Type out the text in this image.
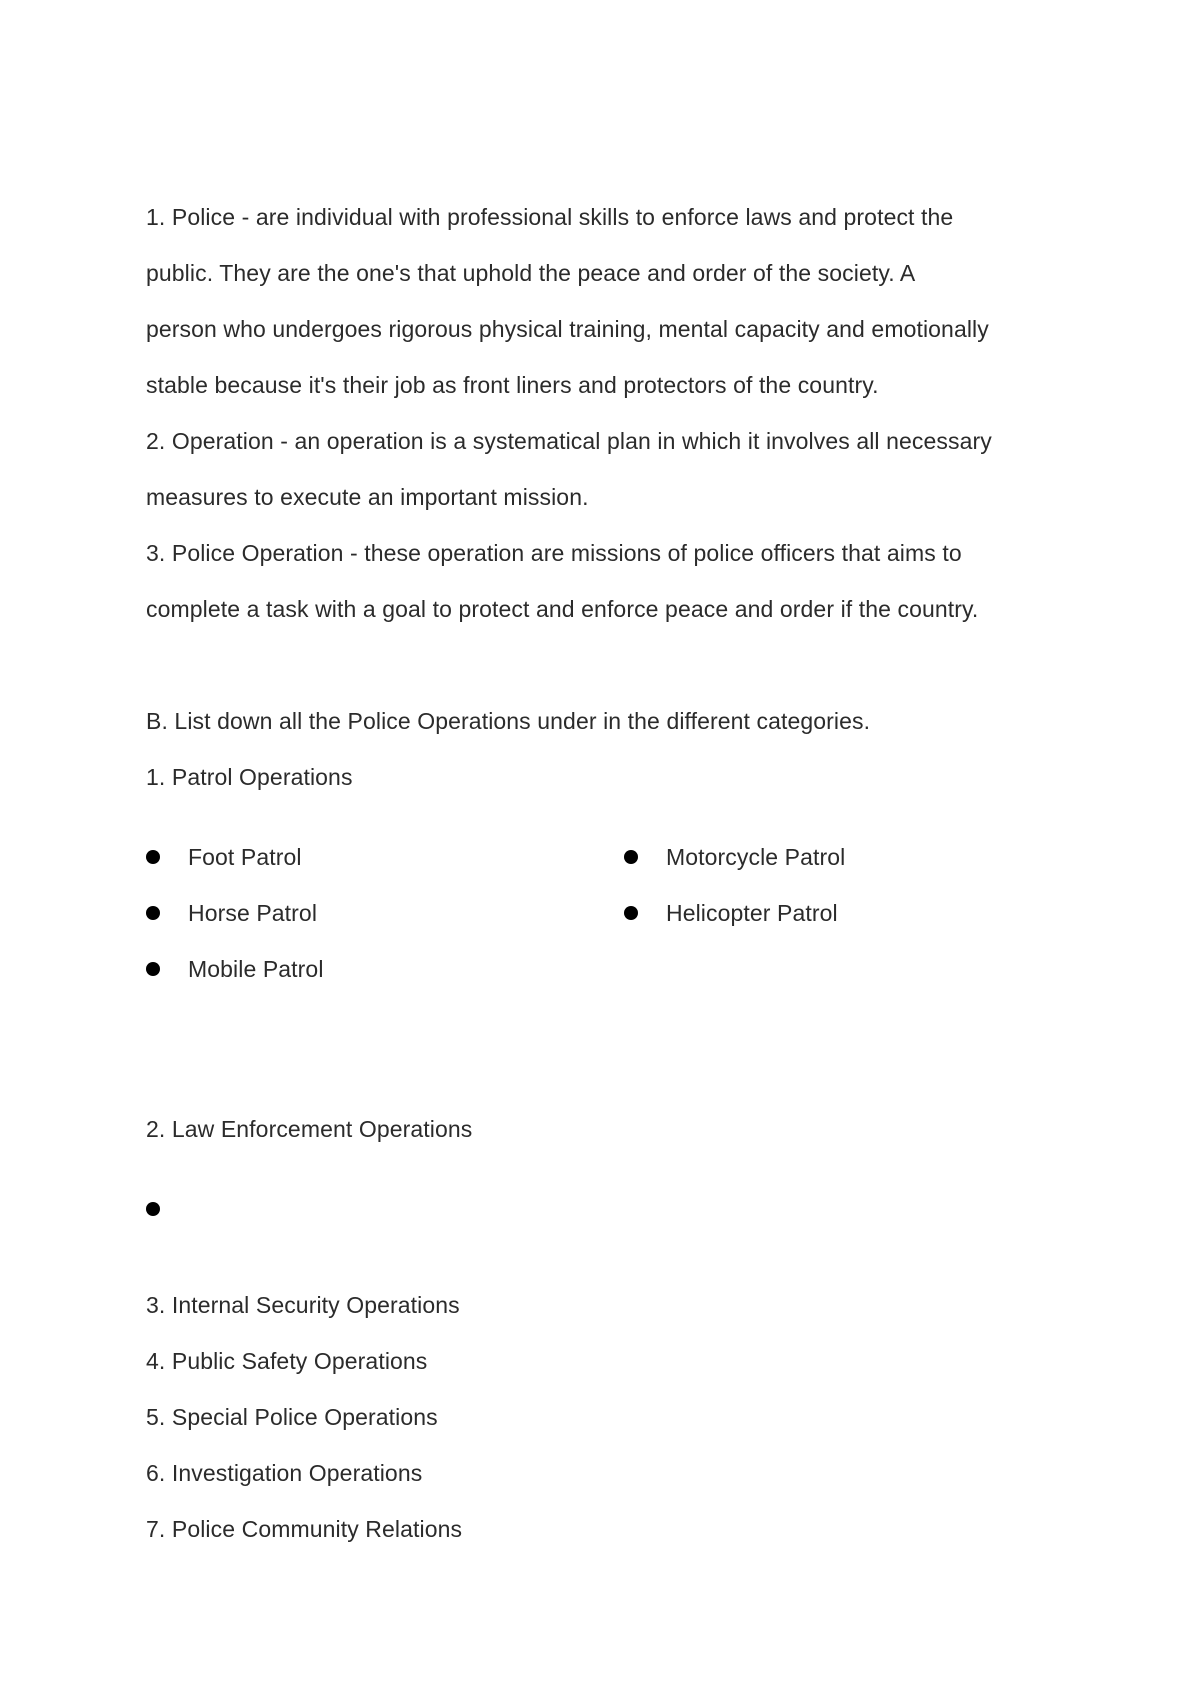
1. Police - are individual with professional skills to enforce laws and protect the
public. They are the one's that uphold the peace and order of the society. A
person who undergoes rigorous physical training, mental capacity and emotionally
stable because it's their job as front liners and protectors of the country.
2. Operation - an operation is a systematical plan in which it involves all necessary
measures to execute an important mission.
3. Police Operation - these operation are missions of police officers that aims to
complete a task with a goal to protect and enforce peace and order if the country.
B. List down all the Police Operations under in the different categories.
1. Patrol Operations
Foot Patrol	Motorcycle Patrol
Horse Patrol	Helicopter Patrol
Mobile Patrol
2. Law Enforcement Operations
3. Internal Security Operations
4. Public Safety Operations
5. Special Police Operations
6. Investigation Operations
7. Police Community Relations
